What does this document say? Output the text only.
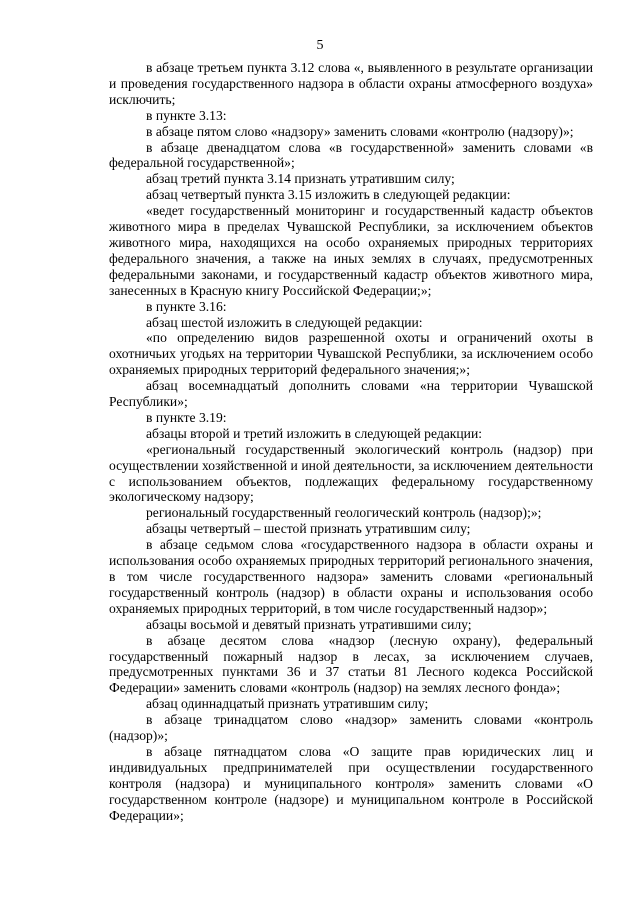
5

в абзаце третьем пункта 3.12 слова «, выявленного в результате организации и проведения государственного надзора в области охраны атмосферного воздуха» исключить;

в пункте 3.13:

в абзаце пятом слово «надзору» заменить словами «контролю (надзору)»;

в абзаце двенадцатом слова «в государственной» заменить словами «в федеральной государственной»;

абзац третий пункта 3.14 признать утратившим силу;

абзац четвертый пункта 3.15 изложить в следующей редакции:

«ведет государственный мониторинг и государственный кадастр объектов животного мира в пределах Чувашской Республики, за исключением объектов животного мира, находящихся на особо охраняемых природных территориях федерального значения, а также на иных землях в случаях, предусмотренных федеральными законами, и государственный кадастр объектов животного мира, занесенных в Красную книгу Российской Федерации;»;

в пункте 3.16:

абзац шестой изложить в следующей редакции:

«по определению видов разрешенной охоты и ограничений охоты в охотничьих угодьях на территории Чувашской Республики, за исключением особо охраняемых природных территорий федерального значения;»;

абзац восемнадцатый дополнить словами «на территории Чувашской Республики»;

в пункте 3.19:

абзацы второй и третий изложить в следующей редакции:

«региональный государственный экологический контроль (надзор) при осуществлении хозяйственной и иной деятельности, за исключением деятельности с использованием объектов, подлежащих федеральному государственному экологическому надзору;

региональный государственный геологический контроль (надзор);»;

абзацы четвертый – шестой признать утратившим силу;

в абзаце седьмом слова «государственного надзора в области охраны и использования особо охраняемых природных территорий регионального значения, в том числе государственного надзора» заменить словами «региональный государственный контроль (надзор) в области охраны и использования особо охраняемых природных территорий, в том числе государственный надзор»;

абзацы восьмой и девятый признать утратившими силу;

в абзаце десятом слова «надзор (лесную охрану), федеральный государственный пожарный надзор в лесах, за исключением случаев, предусмотренных пунктами 36 и 37 статьи 81 Лесного кодекса Российской Федерации» заменить словами «контроль (надзор) на землях лесного фонда»;

абзац одиннадцатый признать утратившим силу;

в абзаце тринадцатом слово «надзор» заменить словами «контроль (надзор)»;

в абзаце пятнадцатом слова «О защите прав юридических лиц и индивидуальных предпринимателей при осуществлении государственного контроля (надзора) и муниципального контроля» заменить словами «О государственном контроле (надзоре) и муниципальном контроле в Российской Федерации»;
